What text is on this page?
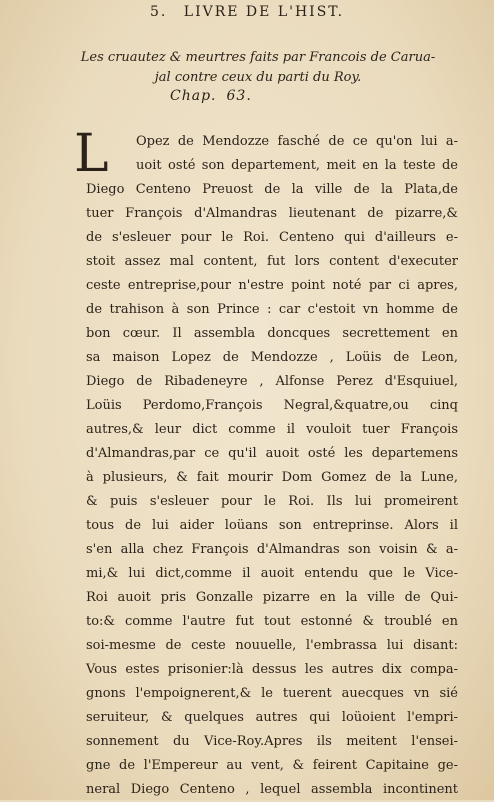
5. LIVRE DE L'HIST.
Les cruautez & meurtres faits par Francois de Carua-
jal contre ceux du parti du Roy.
Chap. 63.
L Opez de Mendozze fasché de ce qu'on lui a-
uoit osté son departement, meit en la teste de
Diego Centeno Preuost de la ville de la Plata,de
tuer François d'Almandras lieutenant de pizarre,&
de s'esleuer pour le Roi. Centeno qui d'ailleurs e-
stoit assez mal content, fut lors content d'executer
ceste entreprise,pour n'estre point noté par ci apres,
de trahison à son Prince : car c'estoit vn homme de
bon cœur. Il assembla doncques secrettement en
sa maison Lopez de Mendozze , Loüis de Leon,
Diego de Ribadeneyre , Alfonse Perez d'Esquiuel,
Loüis Perdomo,François Negral,&quatre,ou cinq
autres,& leur dict comme il vouloit tuer François
d'Almandras,par ce qu'il auoit osté les departemens
à plusieurs, & fait mourir Dom Gomez de la Lune,
& puis s'esleuer pour le Roi. Ils lui promeirent
tous de lui aider loüans son entreprinse. Alors il
s'en alla chez François d'Almandras son voisin & a-
mi,& lui dict,comme il auoit entendu que le Vice-
Roi auoit pris Gonzalle pizarre en la ville de Qui-
to:& comme l'autre fut tout estonné & troublé en
soi-mesme de ceste nouuelle, l'embrassa lui disant:
Vous estes prisonier:là dessus les autres dix compa-
gnons l'empoignerent,& le tuerent auecques vn sié
seruiteur, & quelques autres qui loüoient l'empri-
sonnement du Vice-Roy.Apres ils meitent l'ensei-
gne de l'Empereur au vent, & feirent Capitaine ge-
neral Diego Centeno , lequel assembla incontinent
